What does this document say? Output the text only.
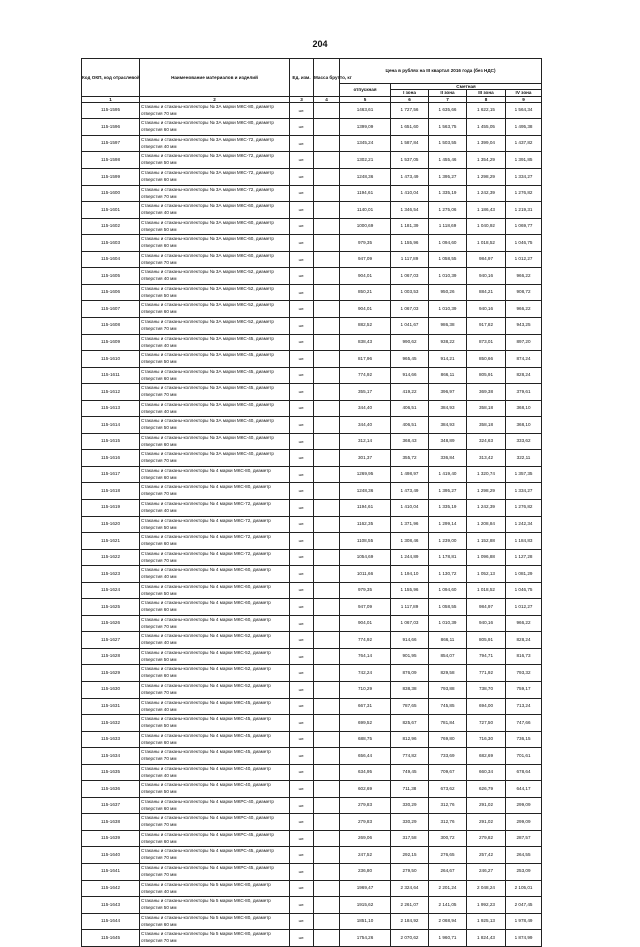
204
Код ОКП, код отраслевой	Наименование материалов и изделий	Ед. изм.	Масса брутто, кг	Цена в рублях на III квартал 2016 года (без НДС)				
				отпускная	Сметная			
					I зона	II зона	III зона	IV зона
1	2	3	4	5	6	7	8	9
115-1595	Стаканы и стаканы-коллекторы № 3А марки МКС-80, диаметр отверстия 70 мм	шт.		1463,61	1 727,56	1 635,66	1 622,15	1 564,34
115-1596	Стаканы и стаканы-коллекторы № 3А марки МКС-80, диаметр отверстия 60 мм	шт.		1399,09	1 651,60	1 563,75	1 455,05	1 495,38
115-1597	Стаканы и стаканы-коллекторы № 3А марки МКС-72, диаметр отверстия 40 мм	шт.		1345,24	1 587,84	1 503,55	1 399,04	1 437,82
115-1598	Стаканы и стаканы-коллекторы № 3А марки МКС-72, диаметр отверстия 50 мм	шт.		1302,21	1 537,05	1 455,46	1 354,29	1 391,85
115-1599	Стаканы и стаканы-коллекторы № 3А марки МКС-72, диаметр отверстия 60 мм	шт.		1248,36	1 473,49	1 395,27	1 298,29	1 334,27
115-1600	Стаканы и стаканы-коллекторы № 3А марки МКС-72, диаметр отверстия 70 мм	шт.		1194,61	1 410,04	1 335,19	1 242,39	1 276,82
115-1601	Стаканы и стаканы-коллекторы № 3А марки МКС-60, диаметр отверстия 40 мм	шт.		1140,01	1 346,54	1 275,06	1 186,43	1 219,31
115-1602	Стаканы и стаканы-коллекторы № 3А марки МКС-60, диаметр отверстия 50 мм	шт.		1000,69	1 181,39	1 118,69	1 040,92	1 069,77
115-1603	Стаканы и стаканы-коллекторы № 3А марки МКС-60, диаметр отверстия 60 мм	шт.		979,35	1 155,96	1 094,60	1 018,52	1 046,75
115-1604	Стаканы и стаканы-коллекторы № 3А марки МКС-60, диаметр отверстия 70 мм	шт.		947,09	1 117,89	1 058,55	984,97	1 012,27
115-1605	Стаканы и стаканы-коллекторы № 3А марки МКС-52, диаметр отверстия 40 мм	шт.		904,01	1 067,03	1 010,39	940,16	966,22
115-1606	Стаканы и стаканы-коллекторы № 3А марки МКС-52, диаметр отверстия 50 мм	шт.		850,21	1 003,53	950,26	884,21	908,72
115-1607	Стаканы и стаканы-коллекторы № 3А марки МКС-52, диаметр отверстия 60 мм	шт.		904,01	1 067,03	1 010,39	940,16	966,22
115-1608	Стаканы и стаканы-коллекторы № 3А марки МКС-52, диаметр отверстия 70 мм	шт.		882,52	1 041,67	986,38	917,82	943,25
115-1609	Стаканы и стаканы-коллекторы № 3А марки МКС-45, диаметр отверстия 40 мм	шт.		838,43	990,62	938,22	873,01	897,20
115-1610	Стаканы и стаканы-коллекторы № 3А марки МКС-45, диаметр отверстия 50 мм	шт.		817,96	965,45	914,21	850,66	874,24
115-1611	Стаканы и стаканы-коллекторы № 3А марки МКС-45, диаметр отверстия 60 мм	шт.		774,92	914,66	866,11	805,91	828,24
115-1612	Стаканы и стаканы-коллекторы № 3А марки МКС-45, диаметр отверстия 70 мм	шт.		355,17	419,22	396,97	369,38	379,61
115-1613	Стаканы и стаканы-коллекторы № 3А марки МКС-40, диаметр отверстия 40 мм	шт.		344,40	406,51	384,93	358,18	368,10
115-1614	Стаканы и стаканы-коллекторы № 3А марки МКС-40, диаметр отверстия 50 мм	шт.		344,40	406,51	384,93	358,18	368,10
115-1615	Стаканы и стаканы-коллекторы № 3А марки МКС-40, диаметр отверстия 60 мм	шт.		312,14	368,43	348,89	324,63	333,62
115-1616	Стаканы и стаканы-коллекторы № 3А марки МКС-40, диаметр отверстия 70 мм	шт.		301,37	355,72	336,84	313,42	322,11
115-1617	Стаканы и стаканы-коллекторы № 4 марки МКС-80, диаметр отверстия 60 мм	шт.		1269,95	1 498,97	1 419,40	1 320,74	1 357,35
115-1618	Стаканы и стаканы-коллекторы № 4 марки МКС-80, диаметр отверстия 70 мм	шт.		1248,36	1 473,49	1 395,27	1 298,29	1 334,27
115-1619	Стаканы и стаканы-коллекторы № 4 марки МКС-72, диаметр отверстия 40 мм	шт.		1194,61	1 410,04	1 335,19	1 242,39	1 276,82
115-1620	Стаканы и стаканы-коллекторы № 4 марки МКС-72, диаметр отверстия 50 мм	шт.		1162,35	1 371,96	1 299,14	1 208,84	1 242,34
115-1621	Стаканы и стаканы-коллекторы № 4 марки МКС-72, диаметр отверстия 60 мм	шт.		1108,55	1 308,46	1 239,00	1 152,88	1 184,83
115-1622	Стаканы и стаканы-коллекторы № 4 марки МКС-72, диаметр отверстия 70 мм	шт.		1054,69	1 244,89	1 178,81	1 096,88	1 127,28
115-1623	Стаканы и стаканы-коллекторы № 4 марки МКС-60, диаметр отверстия 40 мм	шт.		1011,66	1 194,10	1 130,72	1 052,13	1 081,29
115-1624	Стаканы и стаканы-коллекторы № 4 марки МКС-60, диаметр отверстия 50 мм	шт.		979,35	1 155,96	1 094,60	1 018,52	1 046,75
115-1625	Стаканы и стаканы-коллекторы № 4 марки МКС-60, диаметр отверстия 60 мм	шт.		947,09	1 117,89	1 058,55	984,97	1 012,27
115-1626	Стаканы и стаканы-коллекторы № 4 марки МКС-60, диаметр отверстия 70 мм	шт.		904,01	1 067,03	1 010,39	940,16	966,22
115-1627	Стаканы и стаканы-коллекторы № 4 марки МКС-52, диаметр отверстия 40 мм	шт.		774,92	914,66	866,11	805,91	828,24
115-1628	Стаканы и стаканы-коллекторы № 4 марки МКС-52, диаметр отверстия 50 мм	шт.		764,14	901,95	854,07	794,71	816,73
115-1629	Стаканы и стаканы-коллекторы № 4 марки МКС-52, диаметр отверстия 60 мм	шт.		742,24	876,09	829,58	771,92	793,32
115-1630	Стаканы и стаканы-коллекторы № 4 марки МКС-52, диаметр отверстия 70 мм	шт.		710,29	838,38	793,88	738,70	759,17
115-1631	Стаканы и стаканы-коллекторы № 4 марки МКС-45, диаметр отверстия 40 мм	шт.		667,31	787,65	745,85	694,00	713,24
115-1632	Стаканы и стаканы-коллекторы № 4 марки МКС-45, диаметр отверстия 50 мм	шт.		699,52	825,67	781,84	727,50	747,66
115-1633	Стаканы и стаканы-коллекторы № 4 марки МКС-45, диаметр отверстия 60 мм	шт.		688,75	812,96	769,80	716,30	736,15
115-1634	Стаканы и стаканы-коллекторы № 4 марки МКС-45, диаметр отверстия 70 мм	шт.		656,44	774,82	733,69	682,69	701,61
115-1635	Стаканы и стаканы-коллекторы № 4 марки МКС-40, диаметр отверстия 40 мм	шт.		634,95	749,45	709,67	660,34	678,64
115-1636	Стаканы и стаканы-коллекторы № 4 марки МКС-40, диаметр отверстия 50 мм	шт.		602,69	711,38	673,62	626,79	644,17
115-1637	Стаканы и стаканы-коллекторы № 4 марки МКРС-40, диаметр отверстия 60 мм	шт.		279,83	330,29	312,76	291,02	299,09
115-1638	Стаканы и стаканы-коллекторы № 4 марки МКРС-40, диаметр отверстия 70 мм	шт.		279,83	330,29	312,76	291,02	299,09
115-1639	Стаканы и стаканы-коллекторы № 4 марки МКРС-45, диаметр отверстия 60 мм	шт.		269,06	317,58	300,72	279,82	287,57
115-1640	Стаканы и стаканы-коллекторы № 4 марки МКРС-45, диаметр отверстия 70 мм	шт.		247,52	292,15	276,65	257,42	264,55
115-1641	Стаканы и стаканы-коллекторы № 4 марки МКРС-45, диаметр отверстия 70 мм	шт.		236,80	279,50	264,67	246,27	253,09
115-1642	Стаканы и стаканы-коллекторы № 5 марки МКС-80, диаметр отверстия 40 мм	шт.		1969,47	2 324,64	2 201,24	2 048,24	2 105,01
115-1643	Стаканы и стаканы-коллекторы № 5 марки МКС-80, диаметр отверстия 50 мм	шт.		1915,62	2 261,07	2 141,05	1 992,23	2 047,45
115-1644	Стаканы и стаканы-коллекторы № 5 марки МКС-80, диаметр отверстия 60 мм	шт.		1851,10	2 184,92	2 068,94	1 925,13	1 978,49
115-1645	Стаканы и стаканы-коллекторы № 5 марки МКС-80, диаметр отверстия 70 мм	шт.		1754,26	2 070,62	1 960,71	1 824,43	1 874,99
